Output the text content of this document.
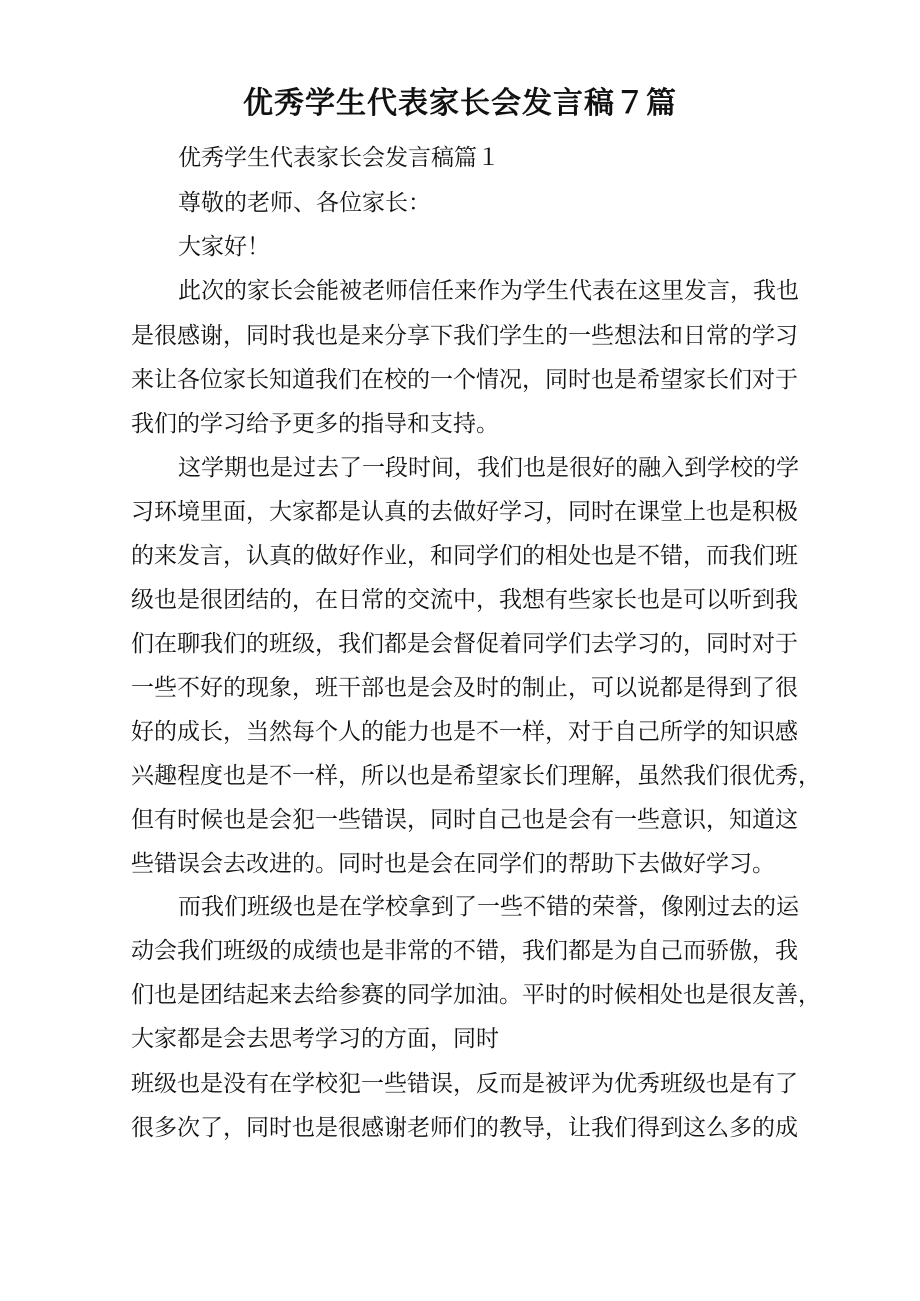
优秀学生代表家长会发言稿７篇
优秀学生代表家长会发言稿篇１
尊敬的老师、各位家长：
大家好！
此次的家长会能被老师信任来作为学生代表在这里发言，我也
是很感谢，同时我也是来分享下我们学生的一些想法和日常的学习
来让各位家长知道我们在校的一个情况，同时也是希望家长们对于
我们的学习给予更多的指导和支持。
这学期也是过去了一段时间，我们也是很好的融入到学校的学
习环境里面，大家都是认真的去做好学习，同时在课堂上也是积极
的来发言，认真的做好作业，和同学们的相处也是不错，而我们班
级也是很团结的，在日常的交流中，我想有些家长也是可以听到我
们在聊我们的班级，我们都是会督促着同学们去学习的，同时对于
一些不好的现象，班干部也是会及时的制止，可以说都是得到了很
好的成长，当然每个人的能力也是不一样，对于自己所学的知识感
兴趣程度也是不一样，所以也是希望家长们理解，虽然我们很优秀，
但有时候也是会犯一些错误，同时自己也是会有一些意识，知道这
些错误会去改进的。同时也是会在同学们的帮助下去做好学习。
而我们班级也是在学校拿到了一些不错的荣誉，像刚过去的运
动会我们班级的成绩也是非常的不错，我们都是为自己而骄傲，我
们也是团结起来去给参赛的同学加油。平时的时候相处也是很友善，
大家都是会去思考学习的方面，同时
班级也是没有在学校犯一些错误，反而是被评为优秀班级也是有了
很多次了，同时也是很感谢老师们的教导，让我们得到这么多的成
